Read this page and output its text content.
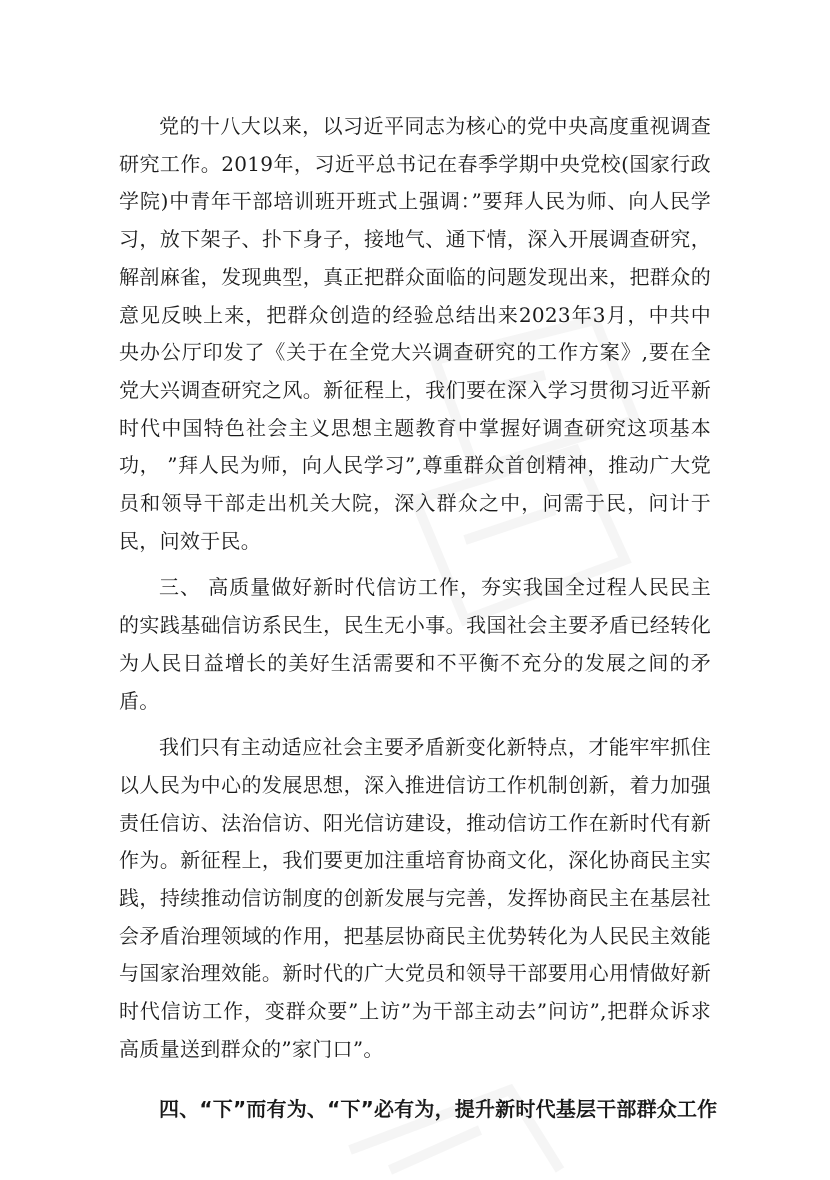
党的十八大以来，以习近平同志为核心的党中央高度重视调查研究工作。2019年，习近平总书记在春季学期中央党校(国家行政学院)中青年干部培训班开班式上强调：”要拜人民为师、向人民学习，放下架子、扑下身子，接地气、通下情，深入开展调查研究，解剖麻雀，发现典型，真正把群众面临的问题发现出来，把群众的意见反映上来，把群众创造的经验总结出来2023年3月，中共中央办公厅印发了《关于在全党大兴调查研究的工作方案》,要在全党大兴调查研究之风。新征程上，我们要在深入学习贯彻习近平新时代中国特色社会主义思想主题教育中掌握好调查研究这项基本功， ”拜人民为师，向人民学习”,尊重群众首创精神，推动广大党员和领导干部走出机关大院，深入群众之中，问需于民，问计于民，问效于民。

三、 高质量做好新时代信访工作，夯实我国全过程人民民主的实践基础信访系民生，民生无小事。我国社会主要矛盾已经转化为人民日益增长的美好生活需要和不平衡不充分的发展之间的矛盾。

我们只有主动适应社会主要矛盾新变化新特点，才能牢牢抓住以人民为中心的发展思想，深入推进信访工作机制创新，着力加强责任信访、法治信访、阳光信访建设，推动信访工作在新时代有新作为。新征程上，我们要更加注重培育协商文化，深化协商民主实践，持续推动信访制度的创新发展与完善，发挥协商民主在基层社会矛盾治理领域的作用，把基层协商民主优势转化为人民民主效能与国家治理效能。新时代的广大党员和领导干部要用心用情做好新时代信访工作，变群众要”上访”为干部主动去”问访”,把群众诉求高质量送到群众的”家门口”。

四、“下”而有为、“下”必有为，提升新时代基层干部群众工作
